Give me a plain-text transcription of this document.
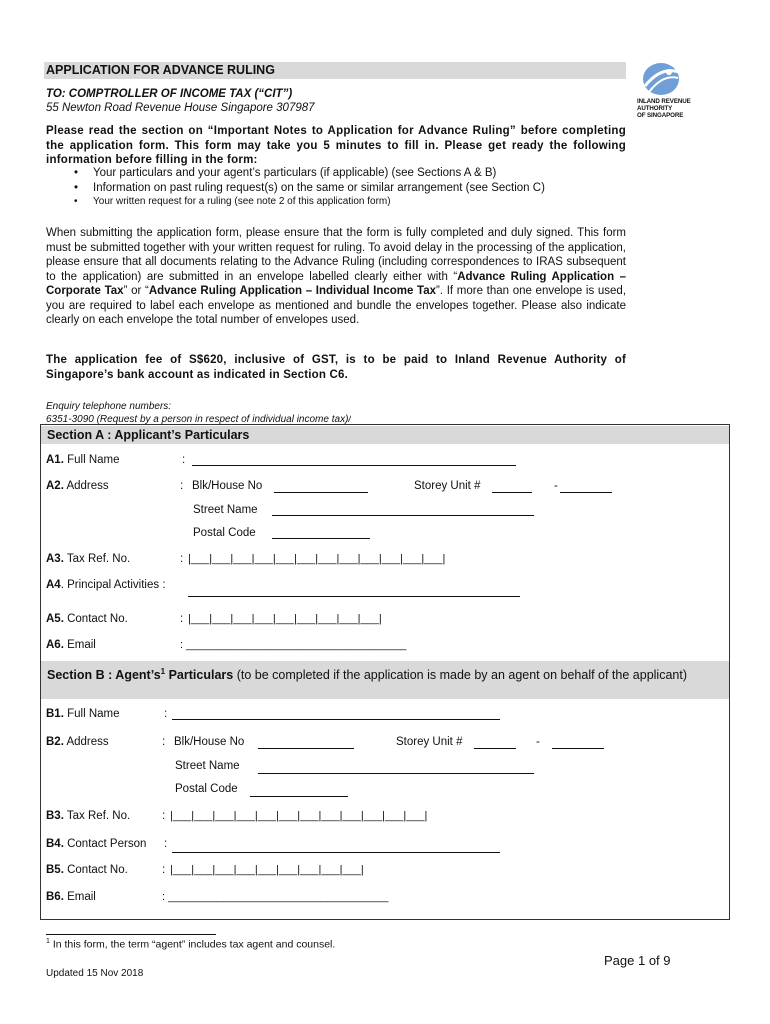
APPLICATION FOR ADVANCE RULING
TO: COMPTROLLER OF INCOME TAX (“CIT”)
55 Newton Road Revenue House Singapore 307987
INLAND REVENUE
AUTHORITY
OF SINGAPORE
Please read the section on “Important Notes to Application for Advance Ruling” before completing the application form. This form may take you 5 minutes to fill in. Please get ready the following information before filling in the form:
• Your particulars and your agent’s particulars (if applicable) (see Sections A & B)
• Information on past ruling request(s) on the same or similar arrangement (see Section C)
• Your written request for a ruling (see note 2 of this application form)
When submitting the application form, please ensure that the form is fully completed and duly signed. This form must be submitted together with your written request for ruling. To avoid delay in the processing of the application, please ensure that all documents relating to the Advance Ruling (including correspondences to IRAS subsequent to the application) are submitted in an envelope labelled clearly either with “Advance Ruling Application – Corporate Tax” or “Advance Ruling Application – Individual Income Tax”. If more than one envelope is used, you are required to label each envelope as mentioned and bundle the envelopes together. Please also indicate clearly on each envelope the total number of envelopes used.
The application fee of S$620, inclusive of GST, is to be paid to Inland Revenue Authority of Singapore’s bank account as indicated in Section C6.
Enquiry telephone numbers:
6351-3090 (Request by a person in respect of individual income tax)/
Section A : Applicant’s Particulars
A1. Full Name	:
A2. Address	: Blk/House No	Storey Unit #	-
Street Name
Postal Code
A3. Tax Ref. No.	: |___|___|___|___|___|___|___|___|___|___|___|___|
A4. Principal Activities :
A5. Contact No.	: |___|___|___|___|___|___|___|___|___|
A6. Email	: ____________________________________
Section B : $Agent’s^1$ Particulars (to be completed if the application is made by an agent on behalf of the applicant)
B1. Full Name	:
B2. Address	: Blk/House No	Storey Unit #	-
Street Name
Postal Code
B3. Tax Ref. No.	: |___|___|___|___|___|___|___|___|___|___|___|___|
B4. Contact Person :
B5. Contact No.	: |___|___|___|___|___|___|___|___|___|
B6. Email	: ____________________________________
$^1$ In this form, the term “agent” includes tax agent and counsel.
Page 1 of 9
Updated 15 Nov 2018
